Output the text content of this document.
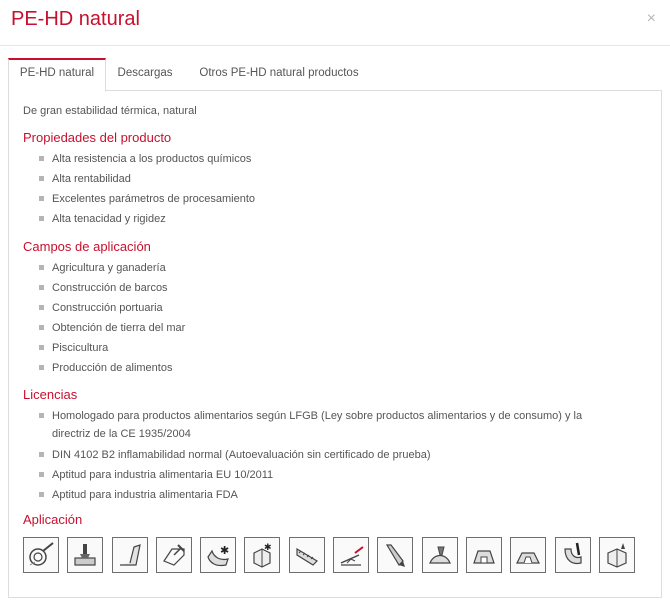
PE-HD natural	×
PE-HD natural	Descargas	Otros PE-HD natural productos
De gran estabilidad térmica, natural
Propiedades del producto
Alta resistencia a los productos químicos
Alta rentabilidad
Excelentes parámetros de procesamiento
Alta tenacidad y rigidez
Campos de aplicación
Agricultura y ganadería
Construcción de barcos
Construcción portuaria
Obtención de tierra del mar
Piscicultura
Producción de alimentos
Licencias
Homologado para productos alimentarios según LFGB (Ley sobre productos alimentarios y de consumo) y la directriz de la CE 1935/2004
DIN 4102 B2 inflamabilidad normal (Autoevaluación sin certificado de prueba)
Aptitud para industria alimentaria EU 10/2011
Aptitud para industria alimentaria FDA
Aplicación
✱	✱
